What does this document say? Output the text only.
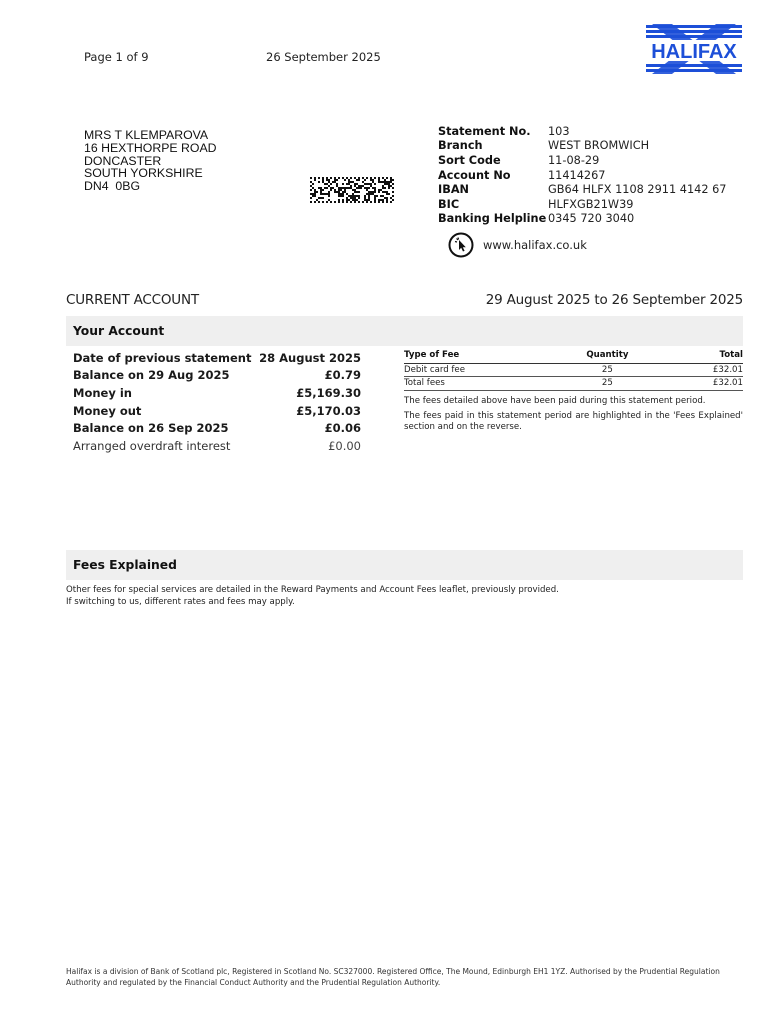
Page 1 of 9	26 September 2025	HALIFAX
MRS T KLEMPAROVA
16 HEXTHORPE ROAD
DONCASTER
SOUTH YORKSHIRE
DN4  0BG
Statement No.	103
Branch	WEST BROMWICH
Sort Code	11-08-29
Account No	11414267
IBAN	GB64 HLFX 1108 2911 4142 67
BIC	HLFXGB21W39
Banking Helpline 0345 720 3040
www.halifax.co.uk
CURRENT ACCOUNT	29 August 2025 to 26 September 2025
Your Account
Date of previous statement 28 August 2025
Balance on 29 Aug 2025	£0.79
Money in	£5,169.30
Money out	£5,170.03
Balance on 26 Sep 2025	£0.06
Arranged overdraft interest	£0.00
Type of Fee	Quantity	Total
Debit card fee	25	£32.01
Total fees	25	£32.01

The fees detailed above have been paid during this statement period.

The fees paid in this statement period are highlighted in the 'Fees Explained' section and on the reverse.

Fees Explained
Other fees for special services are detailed in the Reward Payments and Account Fees leaflet, previously provided.
If switching to us, different rates and fees may apply.
Halifax is a division of Bank of Scotland plc, Registered in Scotland No. SC327000. Registered Office, The Mound, Edinburgh EH1 1YZ. Authorised by the Prudential Regulation Authority and regulated by the Financial Conduct Authority and the Prudential Regulation Authority.
